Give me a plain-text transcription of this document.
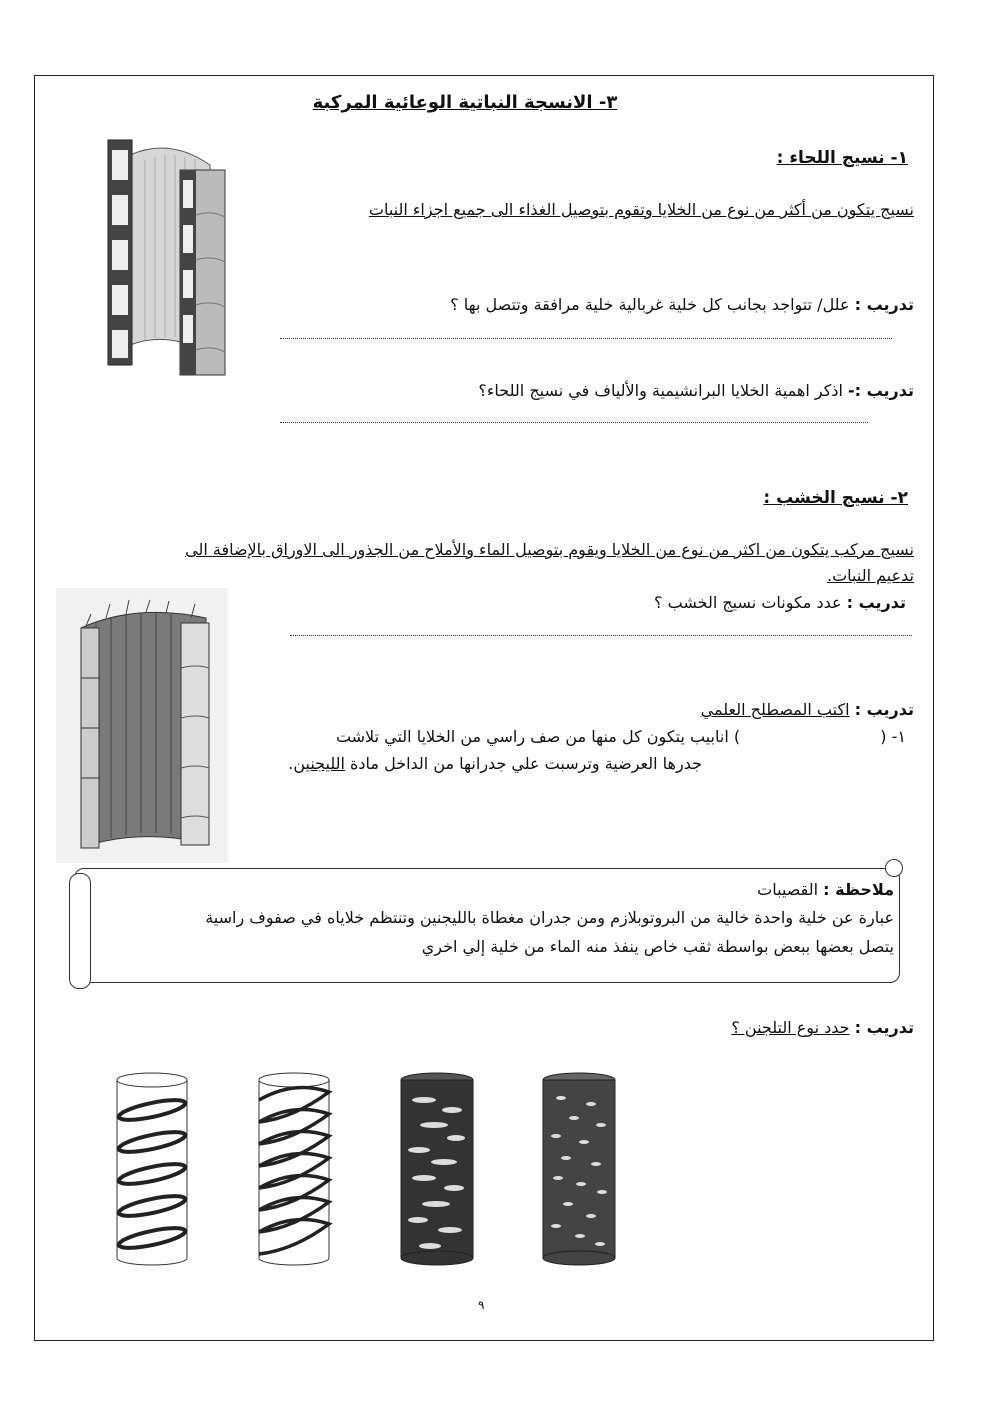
٣- الانسجة النباتية الوعائية المركبة
١- نسيج اللحاء :
نسيج يتكون من أكثر من نوع من الخلايا وتقوم بتوصيل الغذاء الى جميع اجزاء النبات
تدريب : علل/ تتواجد بجانب كل خلية غربالية خلية مرافقة وتتصل بها ؟
تدريب :- اذكر اهمية الخلايا البرانشيمية والألياف في نسيج اللحاء؟
٢- نسيج الخشب :
نسيج مركب يتكون من اكثر من نوع من الخلايا ويقوم بتوصيل الماء والأملاح من الجذور الى الاوراق بالإضافة الى
تدعيم النبات.
تدريب : عدد مكونات نسيج الخشب ؟
تدريب : اكتب المصطلح العلمي
١- (  ) انابيب يتكون كل منها من صف راسي من الخلايا التي تلاشت
جدرها العرضية وترسبت علي جدرانها من الداخل مادة الليجنين.
ملاحظة : القصيبات
عبارة عن خلية واحدة خالية من البروتوبلازم ومن جدران مغطاة بالليجنين وتنتظم خلاياه في صفوف راسية
يتصل بعضها ببعض بواسطة ثقب خاص ينفذ منه الماء من خلية إلي اخري
تدريب : حدد نوع التلجنن ؟
٩
